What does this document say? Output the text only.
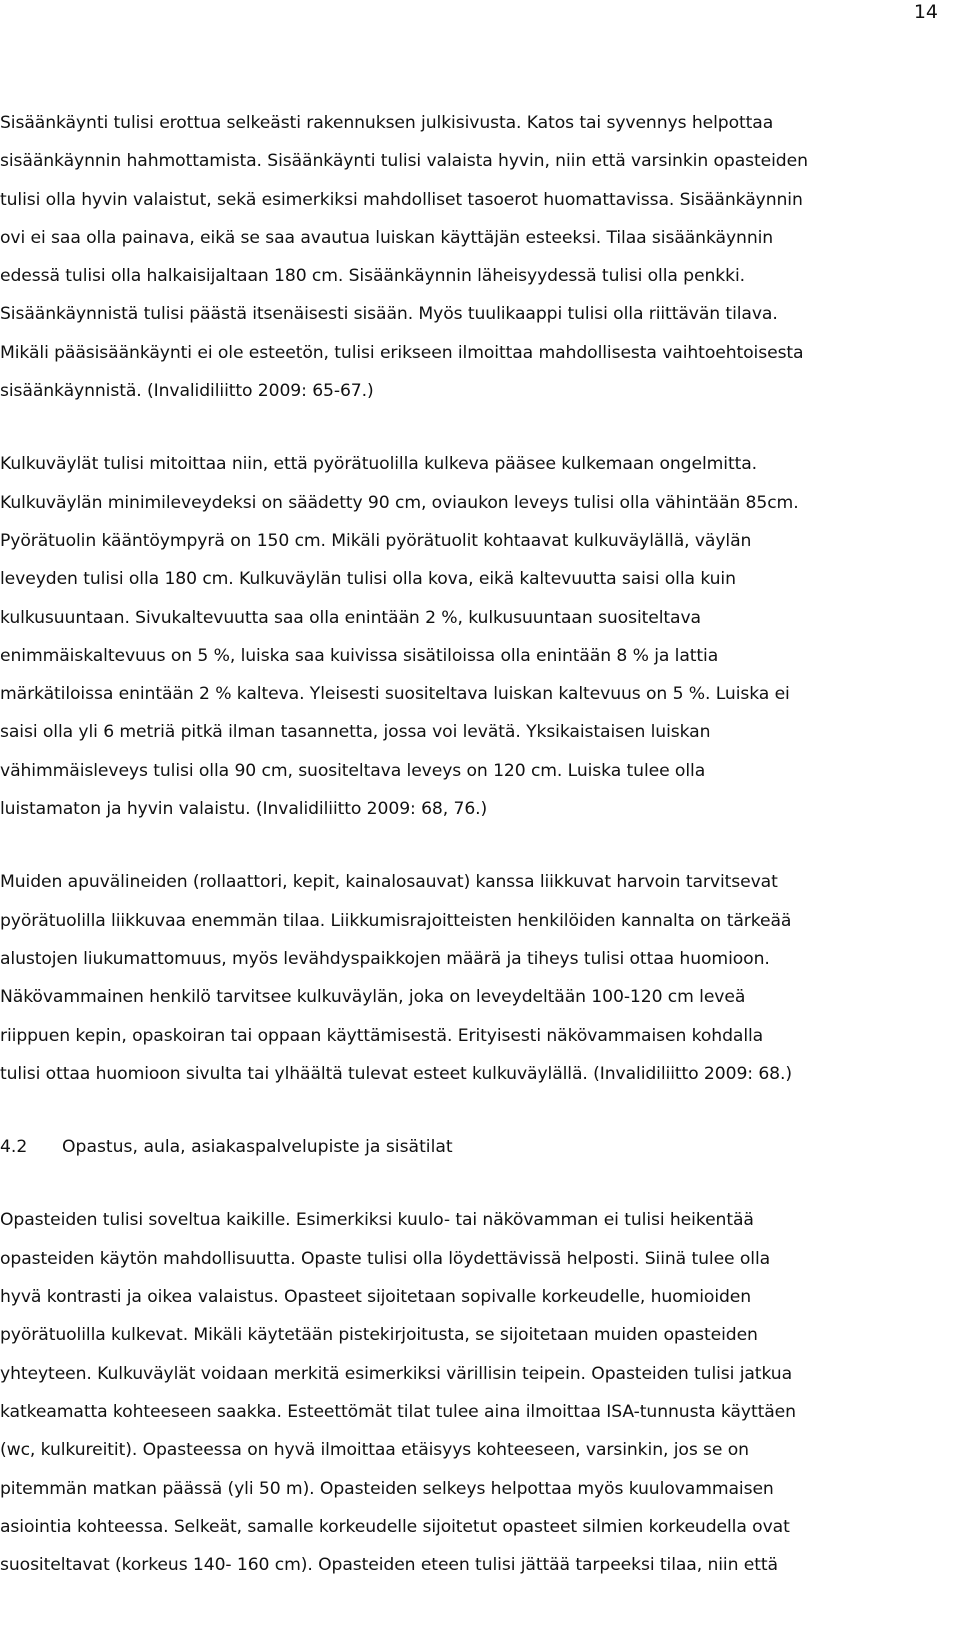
14
Sisäänkäynti tulisi erottua selkeästi rakennuksen julkisivusta. Katos tai syvennys helpottaa
sisäänkäynnin hahmottamista. Sisäänkäynti tulisi valaista hyvin, niin että varsinkin opasteiden
tulisi olla hyvin valaistut, sekä esimerkiksi mahdolliset tasoerot huomattavissa. Sisäänkäynnin
ovi ei saa olla painava, eikä se saa avautua luiskan käyttäjän esteeksi. Tilaa sisäänkäynnin
edessä tulisi olla halkaisijaltaan 180 cm. Sisäänkäynnin läheisyydessä tulisi olla penkki.
Sisäänkäynnistä tulisi päästä itsenäisesti sisään. Myös tuulikaappi tulisi olla riittävän tilava.
Mikäli pääsisäänkäynti ei ole esteetön, tulisi erikseen ilmoittaa mahdollisesta vaihtoehtoisesta
sisäänkäynnistä. (Invalidiliitto 2009: 65-67.)
Kulkuväylät tulisi mitoittaa niin, että pyörätuolilla kulkeva pääsee kulkemaan ongelmitta.
Kulkuväylän minimileveydeksi on säädetty 90 cm, oviaukon leveys tulisi olla vähintään 85cm.
Pyörätuolin kääntöympyrä on 150 cm. Mikäli pyörätuolit kohtaavat kulkuväylällä, väylän
leveyden tulisi olla 180 cm. Kulkuväylän tulisi olla kova, eikä kaltevuutta saisi olla kuin
kulkusuuntaan. Sivukaltevuutta saa olla enintään 2 %, kulkusuuntaan suositeltava
enimmäiskaltevuus on 5 %, luiska saa kuivissa sisätiloissa olla enintään 8 % ja lattia
märkätiloissa enintään 2 % kalteva. Yleisesti suositeltava luiskan kaltevuus on 5 %. Luiska ei
saisi olla yli 6 metriä pitkä ilman tasannetta, jossa voi levätä. Yksikaistaisen luiskan
vähimmäisleveys tulisi olla 90 cm, suositeltava leveys on 120 cm. Luiska tulee olla
luistamaton ja hyvin valaistu. (Invalidiliitto 2009: 68, 76.)
Muiden apuvälineiden (rollaattori, kepit, kainalosauvat) kanssa liikkuvat harvoin tarvitsevat
pyörätuolilla liikkuvaa enemmän tilaa. Liikkumisrajoitteisten henkilöiden kannalta on tärkeää
alustojen liukumattomuus, myös levähdyspaikkojen määrä ja tiheys tulisi ottaa huomioon.
Näkövammainen henkilö tarvitsee kulkuväylän, joka on leveydeltään 100-120 cm leveä
riippuen kepin, opaskoiran tai oppaan käyttämisestä. Erityisesti näkövammaisen kohdalla
tulisi ottaa huomioon sivulta tai ylhäältä tulevat esteet kulkuväylällä. (Invalidiliitto 2009: 68.)
4.2	Opastus, aula, asiakaspalvelupiste ja sisätilat
Opasteiden tulisi soveltua kaikille. Esimerkiksi kuulo- tai näkövamman ei tulisi heikentää
opasteiden käytön mahdollisuutta. Opaste tulisi olla löydettävissä helposti. Siinä tulee olla
hyvä kontrasti ja oikea valaistus. Opasteet sijoitetaan sopivalle korkeudelle, huomioiden
pyörätuolilla kulkevat. Mikäli käytetään pistekirjoitusta, se sijoitetaan muiden opasteiden
yhteyteen. Kulkuväylät voidaan merkitä esimerkiksi värillisin teipein. Opasteiden tulisi jatkua
katkeamatta kohteeseen saakka. Esteettömät tilat tulee aina ilmoittaa ISA-tunnusta käyttäen
(wc, kulkureitit). Opasteessa on hyvä ilmoittaa etäisyys kohteeseen, varsinkin, jos se on
pitemmän matkan päässä (yli 50 m). Opasteiden selkeys helpottaa myös kuulovammaisen
asiointia kohteessa. Selkeät, samalle korkeudelle sijoitetut opasteet silmien korkeudella ovat
suositeltavat (korkeus 140- 160 cm). Opasteiden eteen tulisi jättää tarpeeksi tilaa, niin että
